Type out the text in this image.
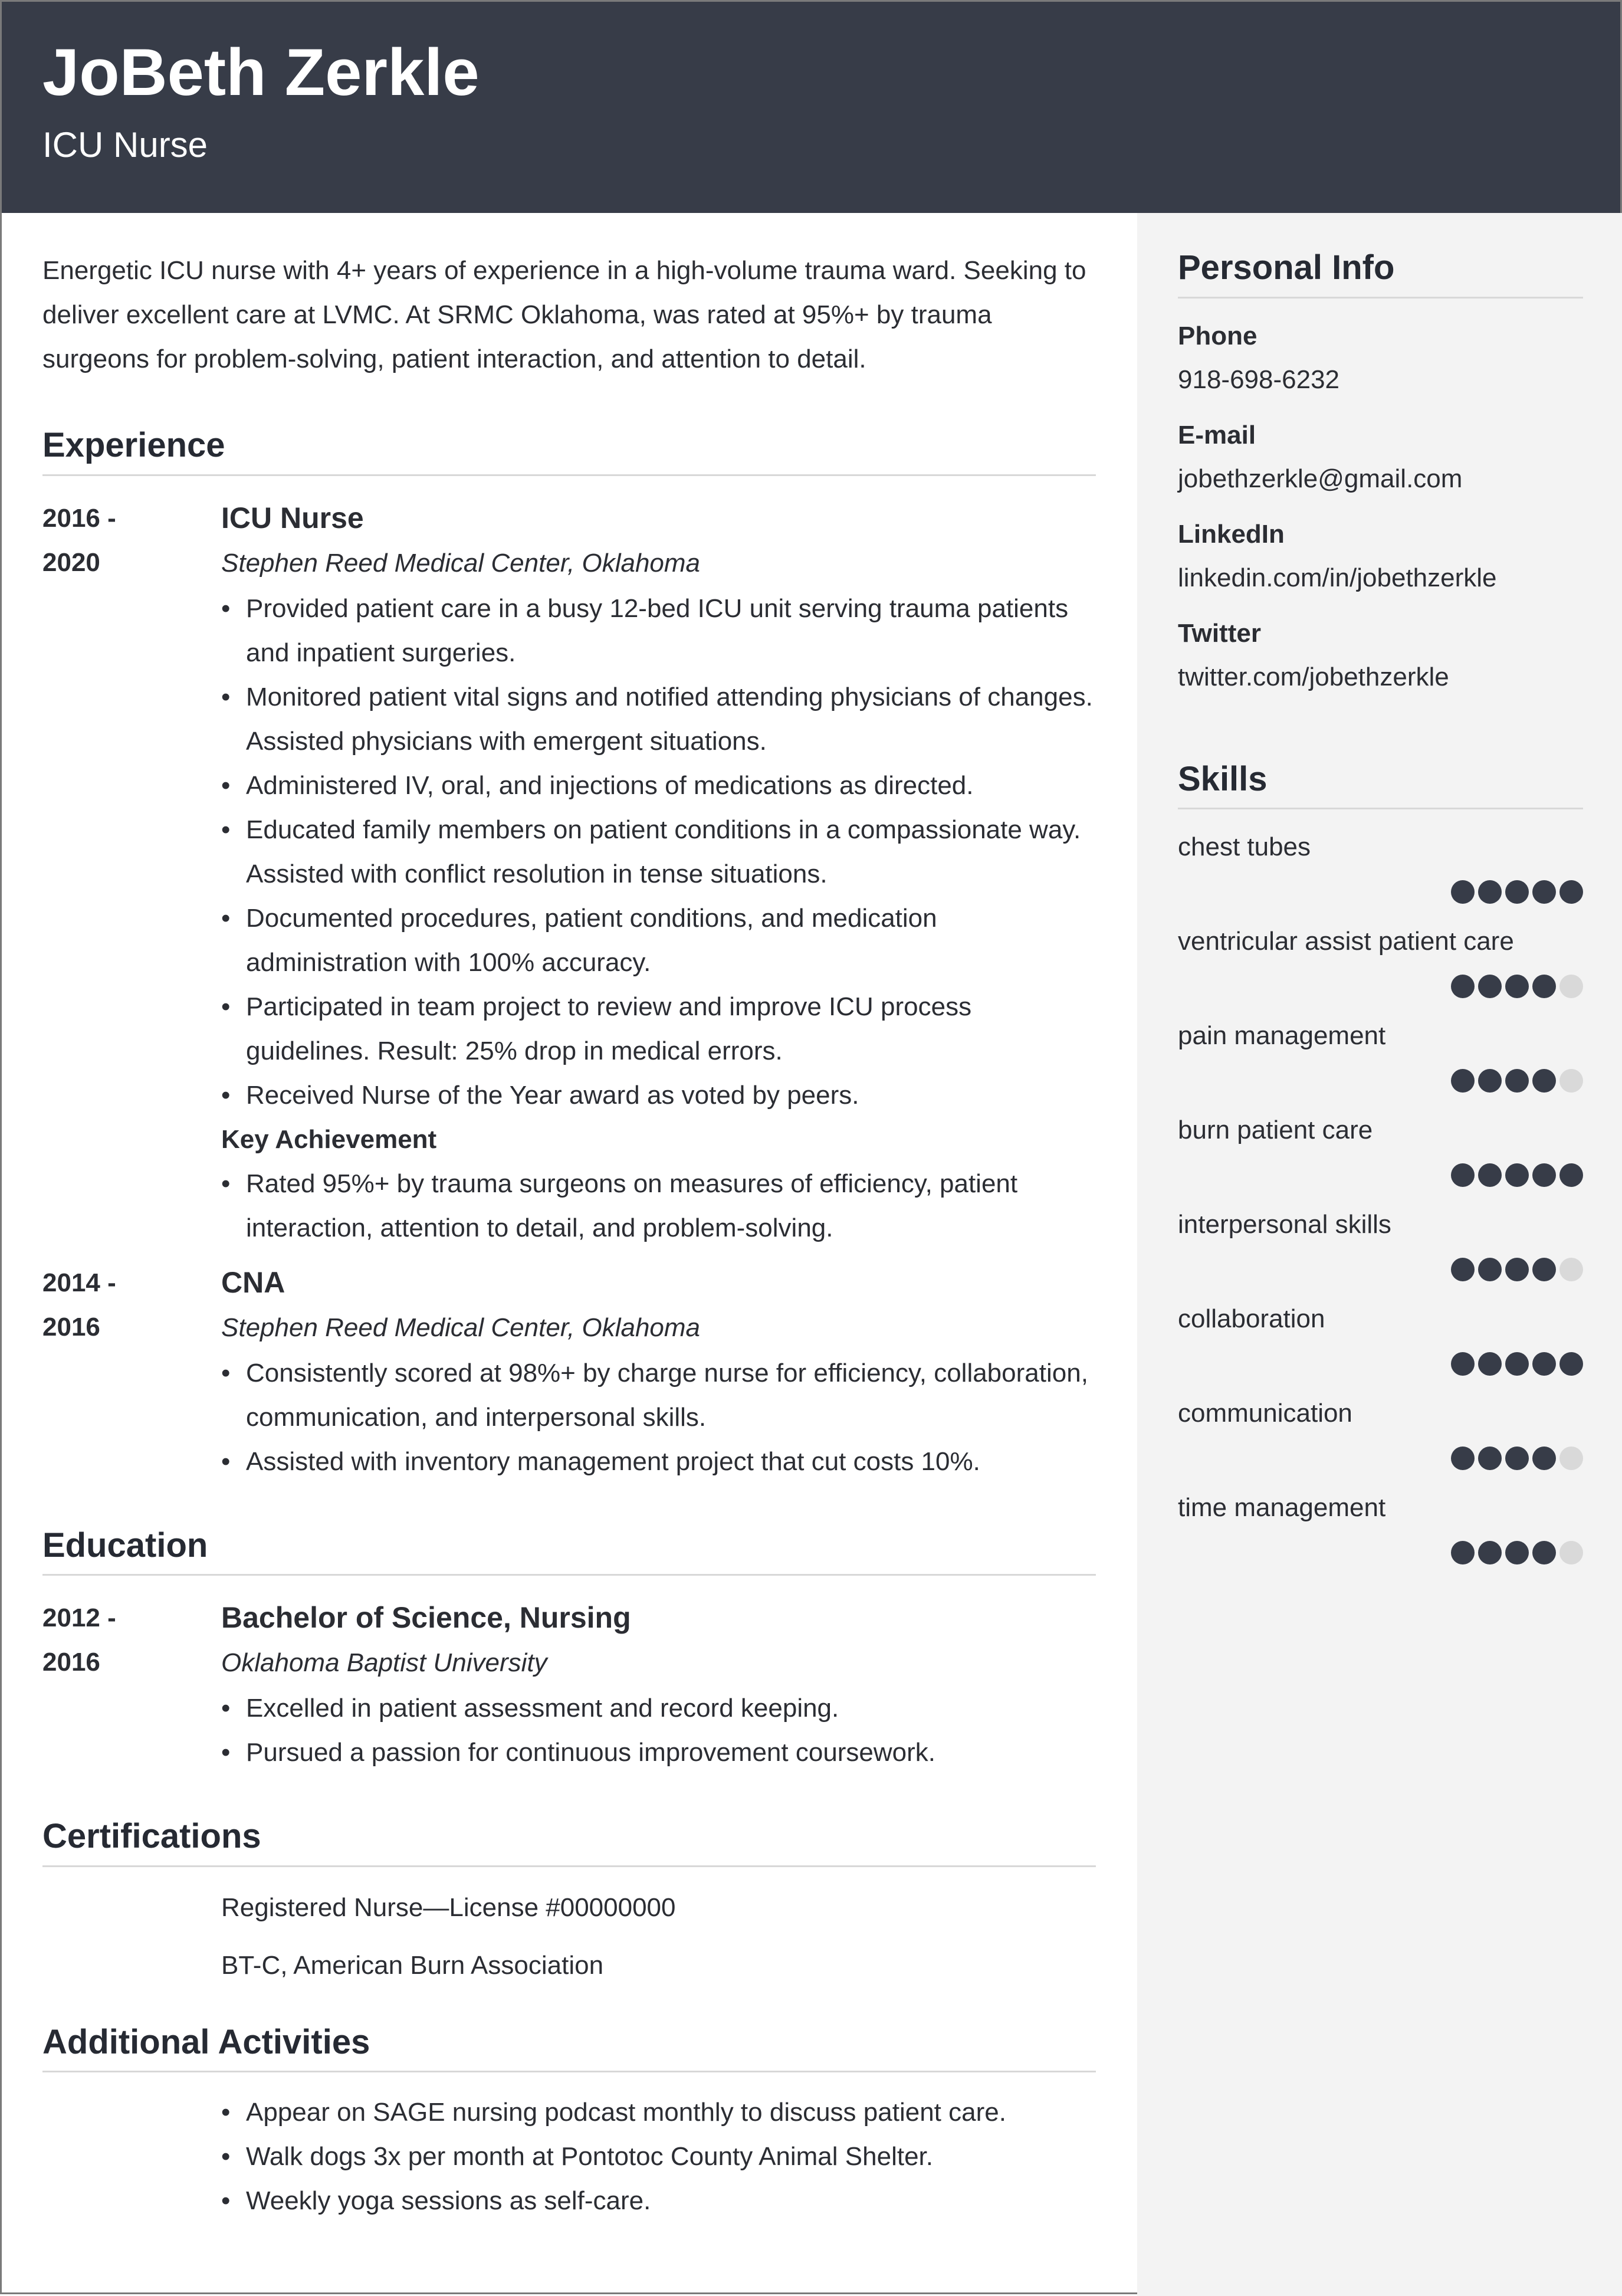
JoBeth Zerkle
ICU Nurse

Energetic ICU nurse with 4+ years of experience in a high-volume trauma ward. Seeking to deliver excellent care at LVMC. At SRMC Oklahoma, was rated at 95%+ by trauma surgeons for problem-solving, patient interaction, and attention to detail.

Experience
2016 -
2020
ICU Nurse
Stephen Reed Medical Center, Oklahoma
• Provided patient care in a busy 12-bed ICU unit serving trauma patients and inpatient surgeries.
• Monitored patient vital signs and notified attending physicians of changes. Assisted physicians with emergent situations.
• Administered IV, oral, and injections of medications as directed.
• Educated family members on patient conditions in a compassionate way. Assisted with conflict resolution in tense situations.
• Documented procedures, patient conditions, and medication administration with 100% accuracy.
• Participated in team project to review and improve ICU process guidelines. Result: 25% drop in medical errors.
• Received Nurse of the Year award as voted by peers.
Key Achievement
• Rated 95%+ by trauma surgeons on measures of efficiency, patient interaction, attention to detail, and problem-solving.
2014 -
2016
CNA
Stephen Reed Medical Center, Oklahoma
• Consistently scored at 98%+ by charge nurse for efficiency, collaboration, communication, and interpersonal skills.
• Assisted with inventory management project that cut costs 10%.
Education
2012 -
2016
Bachelor of Science, Nursing
Oklahoma Baptist University
• Excelled in patient assessment and record keeping.
• Pursued a passion for continuous improvement coursework.
Certifications
Registered Nurse—License #00000000
BT-C, American Burn Association
Additional Activities
• Appear on SAGE nursing podcast monthly to discuss patient care.
• Walk dogs 3x per month at Pontotoc County Animal Shelter.
• Weekly yoga sessions as self-care.
Personal Info
Phone
918-698-6232
E-mail
jobethzerkle@gmail.com
LinkedIn
linkedin.com/in/jobethzerkle
Twitter
twitter.com/jobethzerkle
Skills
chest tubes
ventricular assist patient care
pain management
burn patient care
interpersonal skills
collaboration
communication
time management
